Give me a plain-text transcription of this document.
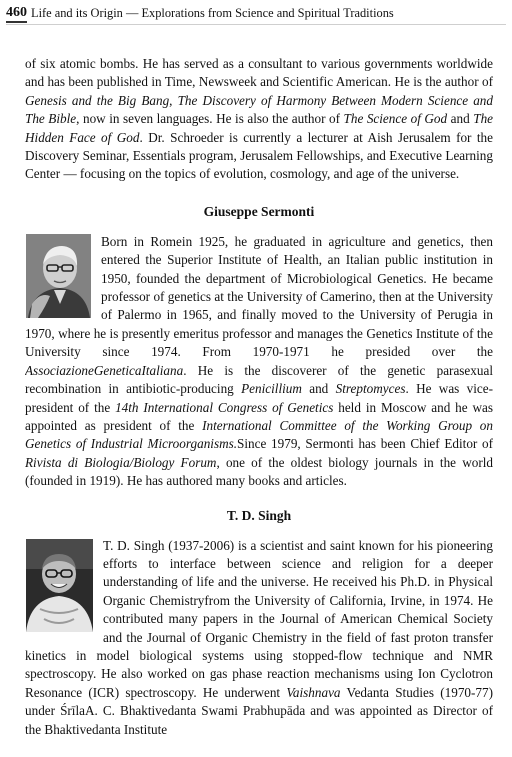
460 Life and its Origin — Explorations from Science and Spiritual Traditions

of six atomic bombs. He has served as a consultant to various governments worldwide and has been published in Time, Newsweek and Scientific American. He is the author of Genesis and the Big Bang, The Discovery of Harmony Between Modern Science and The Bible, now in seven languages. He is also the author of The Science of God and The Hidden Face of God. Dr. Schroeder is currently a lecturer at Aish Jerusalem for the Discovery Seminar, Essentials program, Jerusalem Fellowships, and Executive Learning Center — focusing on the topics of evolution, cosmology, and age of the universe.

Giuseppe Sermonti

Born in Romein 1925, he graduated in agriculture and genetics, then entered the Superior Institute of Health, an Italian public institution in 1950, founded the department of Microbiological Genetics. He became professor of genetics at the University of Camerino, then at the University of Palermo in 1965, and finally moved to the University of Perugia in 1970, where he is presently emeritus professor and manages the Genetics Institute of the University since 1974. From 1970-1971 he presided over the AssociazioneGeneticaItaliana. He is the discoverer of the genetic parasexual recombination in antibiotic-producing Penicillium and Streptomyces. He was vice-president of the 14th International Congress of Genetics held in Moscow and he was appointed as president of the International Committee of the Working Group on Genetics of Industrial Microorganisms.Since 1979, Sermonti has been Chief Editor of Rivista di Biologia/Biology Forum, one of the oldest biology journals in the world (founded in 1919). He has authored many books and articles.

T. D. Singh

T. D. Singh (1937-2006) is a scientist and saint known for his pioneering efforts to interface between science and religion for a deeper understanding of life and the universe. He received his Ph.D. in Physical Organic Chemistryfrom the University of California, Irvine, in 1974. He contributed many papers in the Journal of American Chemical Society and the Journal of Organic Chemistry in the field of fast proton transfer kinetics in model biological systems using stopped-flow technique and NMR spectroscopy. He also worked on gas phase reaction mechanisms using Ion Cyclotron Resonance (ICR) spectroscopy. He underwent Vaishnava Vedanta Studies (1970-77) under ŚrīlaA. C. Bhaktivedanta Swami Prabhupāda and was appointed as Director of the Bhaktivedanta Institute
